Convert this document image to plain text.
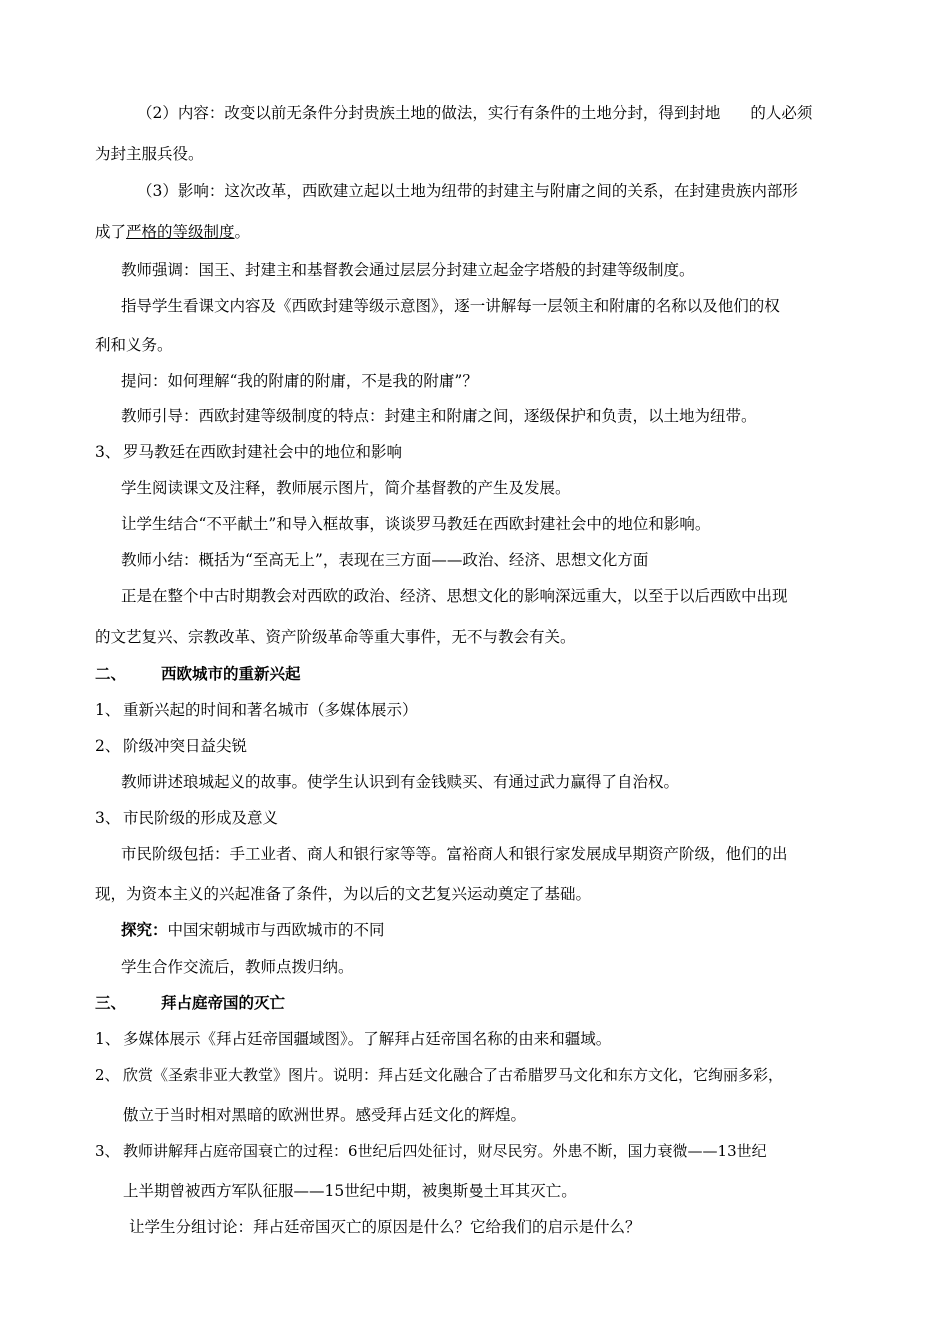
（2）内容：改变以前无条件分封贵族土地的做法，实行有条件的土地分封，得到封地 的人必须
为封主服兵役。
（3）影响：这次改革，西欧建立起以土地为纽带的封建主与附庸之间的关系，在封建贵族内部形
成了严格的等级制度。
教师强调：国王、封建主和基督教会通过层层分封建立起金字塔般的封建等级制度。
指导学生看课文内容及《西欧封建等级示意图》，逐一讲解每一层领主和附庸的名称以及他们的权
利和义务。
提问：如何理解“我的附庸的附庸，不是我的附庸”？
教师引导：西欧封建等级制度的特点：封建主和附庸之间，逐级保护和负责，以土地为纽带。
3、 罗马教廷在西欧封建社会中的地位和影响
学生阅读课文及注释，教师展示图片，简介基督教的产生及发展。
让学生结合“不平献土”和导入框故事，谈谈罗马教廷在西欧封建社会中的地位和影响。
教师小结：概括为“至高无上”，表现在三方面——政治、经济、思想文化方面
正是在整个中古时期教会对西欧的政治、经济、思想文化的影响深远重大，以至于以后西欧中出现
的文艺复兴、宗教改革、资产阶级革命等重大事件，无不与教会有关。
二、 西欧城市的重新兴起
1、 重新兴起的时间和著名城市（多媒体展示）
2、 阶级冲突日益尖锐
教师讲述琅城起义的故事。使学生认识到有金钱赎买、有通过武力赢得了自治权。
3、 市民阶级的形成及意义
市民阶级包括：手工业者、商人和银行家等等。富裕商人和银行家发展成早期资产阶级，他们的出
现，为资本主义的兴起准备了条件，为以后的文艺复兴运动奠定了基础。
探究：中国宋朝城市与西欧城市的不同
学生合作交流后，教师点拨归纳。
三、 拜占庭帝国的灭亡
1、 多媒体展示《拜占廷帝国疆域图》。了解拜占廷帝国名称的由来和疆域。
2、 欣赏《圣索非亚大教堂》图片。说明：拜占廷文化融合了古希腊罗马文化和东方文化，它绚丽多彩，
傲立于当时相对黑暗的欧洲世界。感受拜占廷文化的辉煌。
3、 教师讲解拜占庭帝国衰亡的过程：6世纪后四处征讨，财尽民穷。外患不断，国力衰微——13世纪
上半期曾被西方军队征服——15世纪中期，被奥斯曼土耳其灭亡。
让学生分组讨论：拜占廷帝国灭亡的原因是什么？它给我们的启示是什么？
